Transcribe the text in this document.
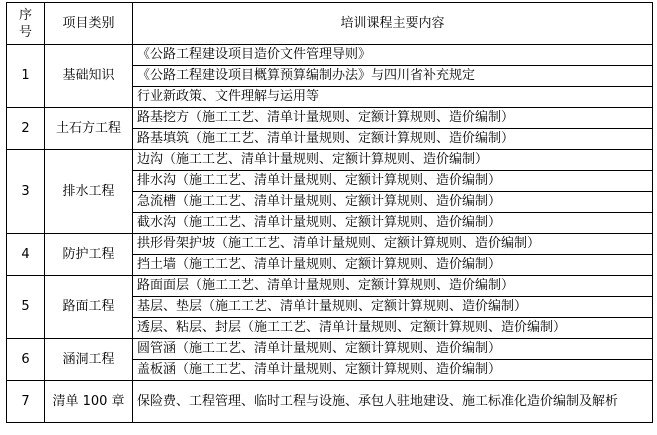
序
号	项目类别	培训课程主要内容
1	基础知识	《公路工程建设项目造价文件管理导则》
		《公路工程建设项目概算预算编制办法》与四川省补充规定
		行业新政策、文件理解与运用等
2	土石方工程	路基挖方（施工工艺、清单计量规则、定额计算规则、造价编制）
		路基填筑（施工工艺、清单计量规则、定额计算规则、造价编制）
3	排水工程	边沟（施工工艺、清单计量规则、定额计算规则、造价编制）
		排水沟（施工工艺、清单计量规则、定额计算规则、造价编制）
		急流槽（施工工艺、清单计量规则、定额计算规则、造价编制）
		截水沟（施工工艺、清单计量规则、定额计算规则、造价编制）
4	防护工程	拱形骨架护坡（施工工艺、清单计量规则、定额计算规则、造价编制）
		挡土墙（施工工艺、清单计量规则、定额计算规则、造价编制）
5	路面工程	路面面层（施工工艺、清单计量规则、定额计算规则、造价编制）
		基层、垫层（施工工艺、清单计量规则、定额计算规则、造价编制）
		透层、粘层、封层（施工工艺、清单计量规则、定额计算规则、造价编制）
6	涵洞工程	圆管涵（施工工艺、清单计量规则、定额计算规则、造价编制）
		盖板涵（施工工艺、清单计量规则、定额计算规则、造价编制）
7	清单 100 章	保险费、工程管理、临时工程与设施、承包人驻地建设、施工标准化造价编制及解析
